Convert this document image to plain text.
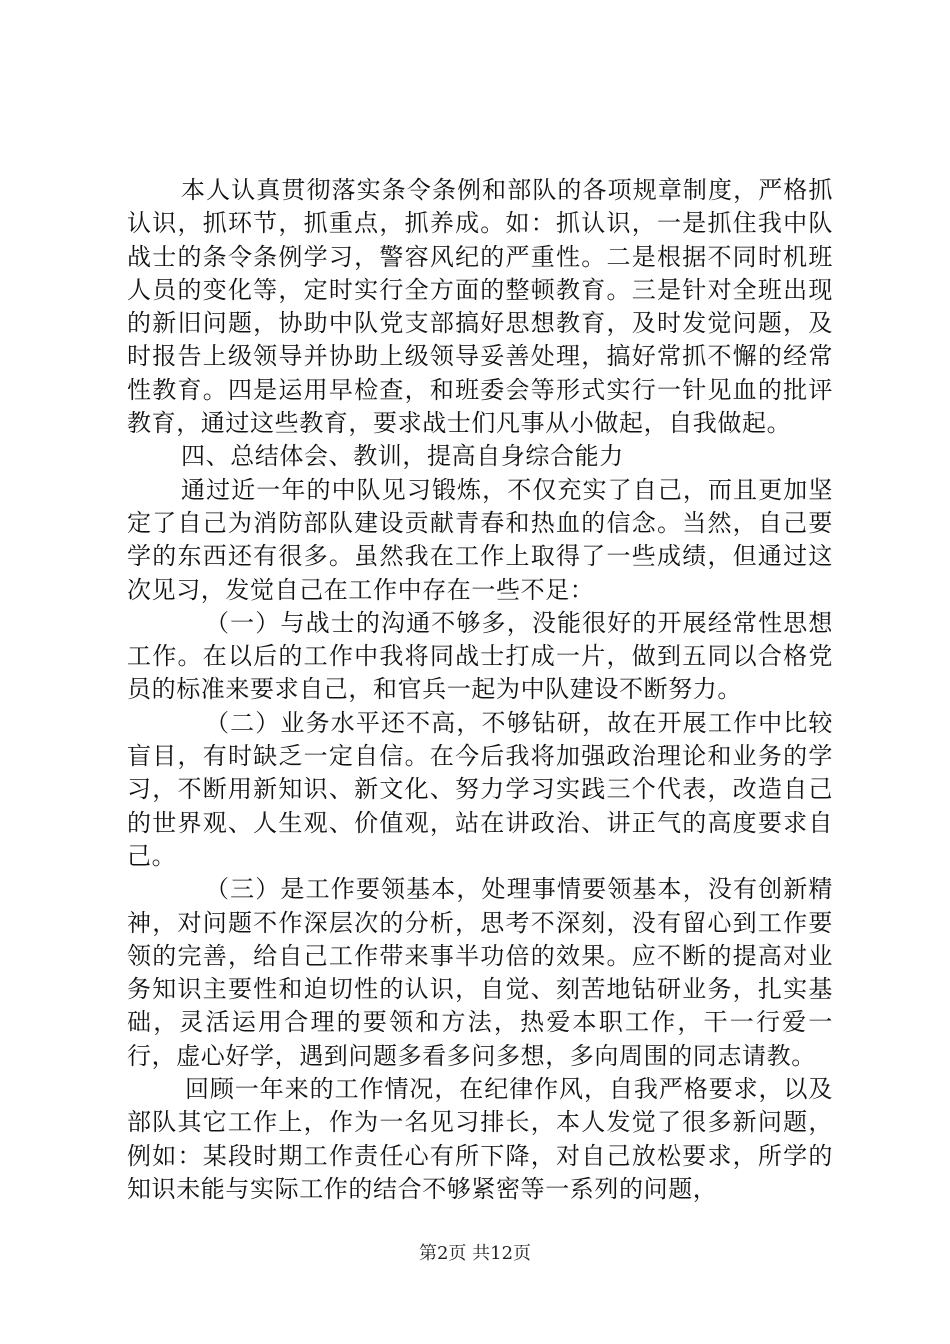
本人认真贯彻落实条令条例和部队的各项规章制度，严格抓认识，抓环节，抓重点，抓养成。如：抓认识，一是抓住我中队战士的条令条例学习，警容风纪的严重性。二是根据不同时机班人员的变化等，定时实行全方面的整顿教育。三是针对全班出现的新旧问题，协助中队党支部搞好思想教育，及时发觉问题，及时报告上级领导并协助上级领导妥善处理，搞好常抓不懈的经常性教育。四是运用早检查，和班委会等形式实行一针见血的批评教育，通过这些教育，要求战士们凡事从小做起，自我做起。

四、总结体会、教训，提高自身综合能力

通过近一年的中队见习锻炼，不仅充实了自己，而且更加坚定了自己为消防部队建设贡献青春和热血的信念。当然，自己要学的东西还有很多。虽然我在工作上取得了一些成绩，但通过这次见习，发觉自己在工作中存在一些不足：

（一）与战士的沟通不够多，没能很好的开展经常性思想工作。在以后的工作中我将同战士打成一片，做到五同以合格党员的标准来要求自己，和官兵一起为中队建设不断努力。

（二）业务水平还不高，不够钻研，故在开展工作中比较盲目，有时缺乏一定自信。在今后我将加强政治理论和业务的学习，不断用新知识、新文化、努力学习实践三个代表，改造自己的世界观、人生观、价值观，站在讲政治、讲正气的高度要求自己。

（三）是工作要领基本，处理事情要领基本，没有创新精神，对问题不作深层次的分析，思考不深刻，没有留心到工作要领的完善，给自己工作带来事半功倍的效果。应不断的提高对业务知识主要性和迫切性的认识，自觉、刻苦地钻研业务，扎实基础，灵活运用合理的要领和方法，热爱本职工作，干一行爱一行，虚心好学，遇到问题多看多问多想，多向周围的同志请教。

回顾一年来的工作情况，在纪律作风，自我严格要求，以及部队其它工作上，作为一名见习排长，本人发觉了很多新问题，例如：某段时期工作责任心有所下降，对自己放松要求，所学的知识未能与实际工作的结合不够紧密等一系列的问题，

第2页 共12页
